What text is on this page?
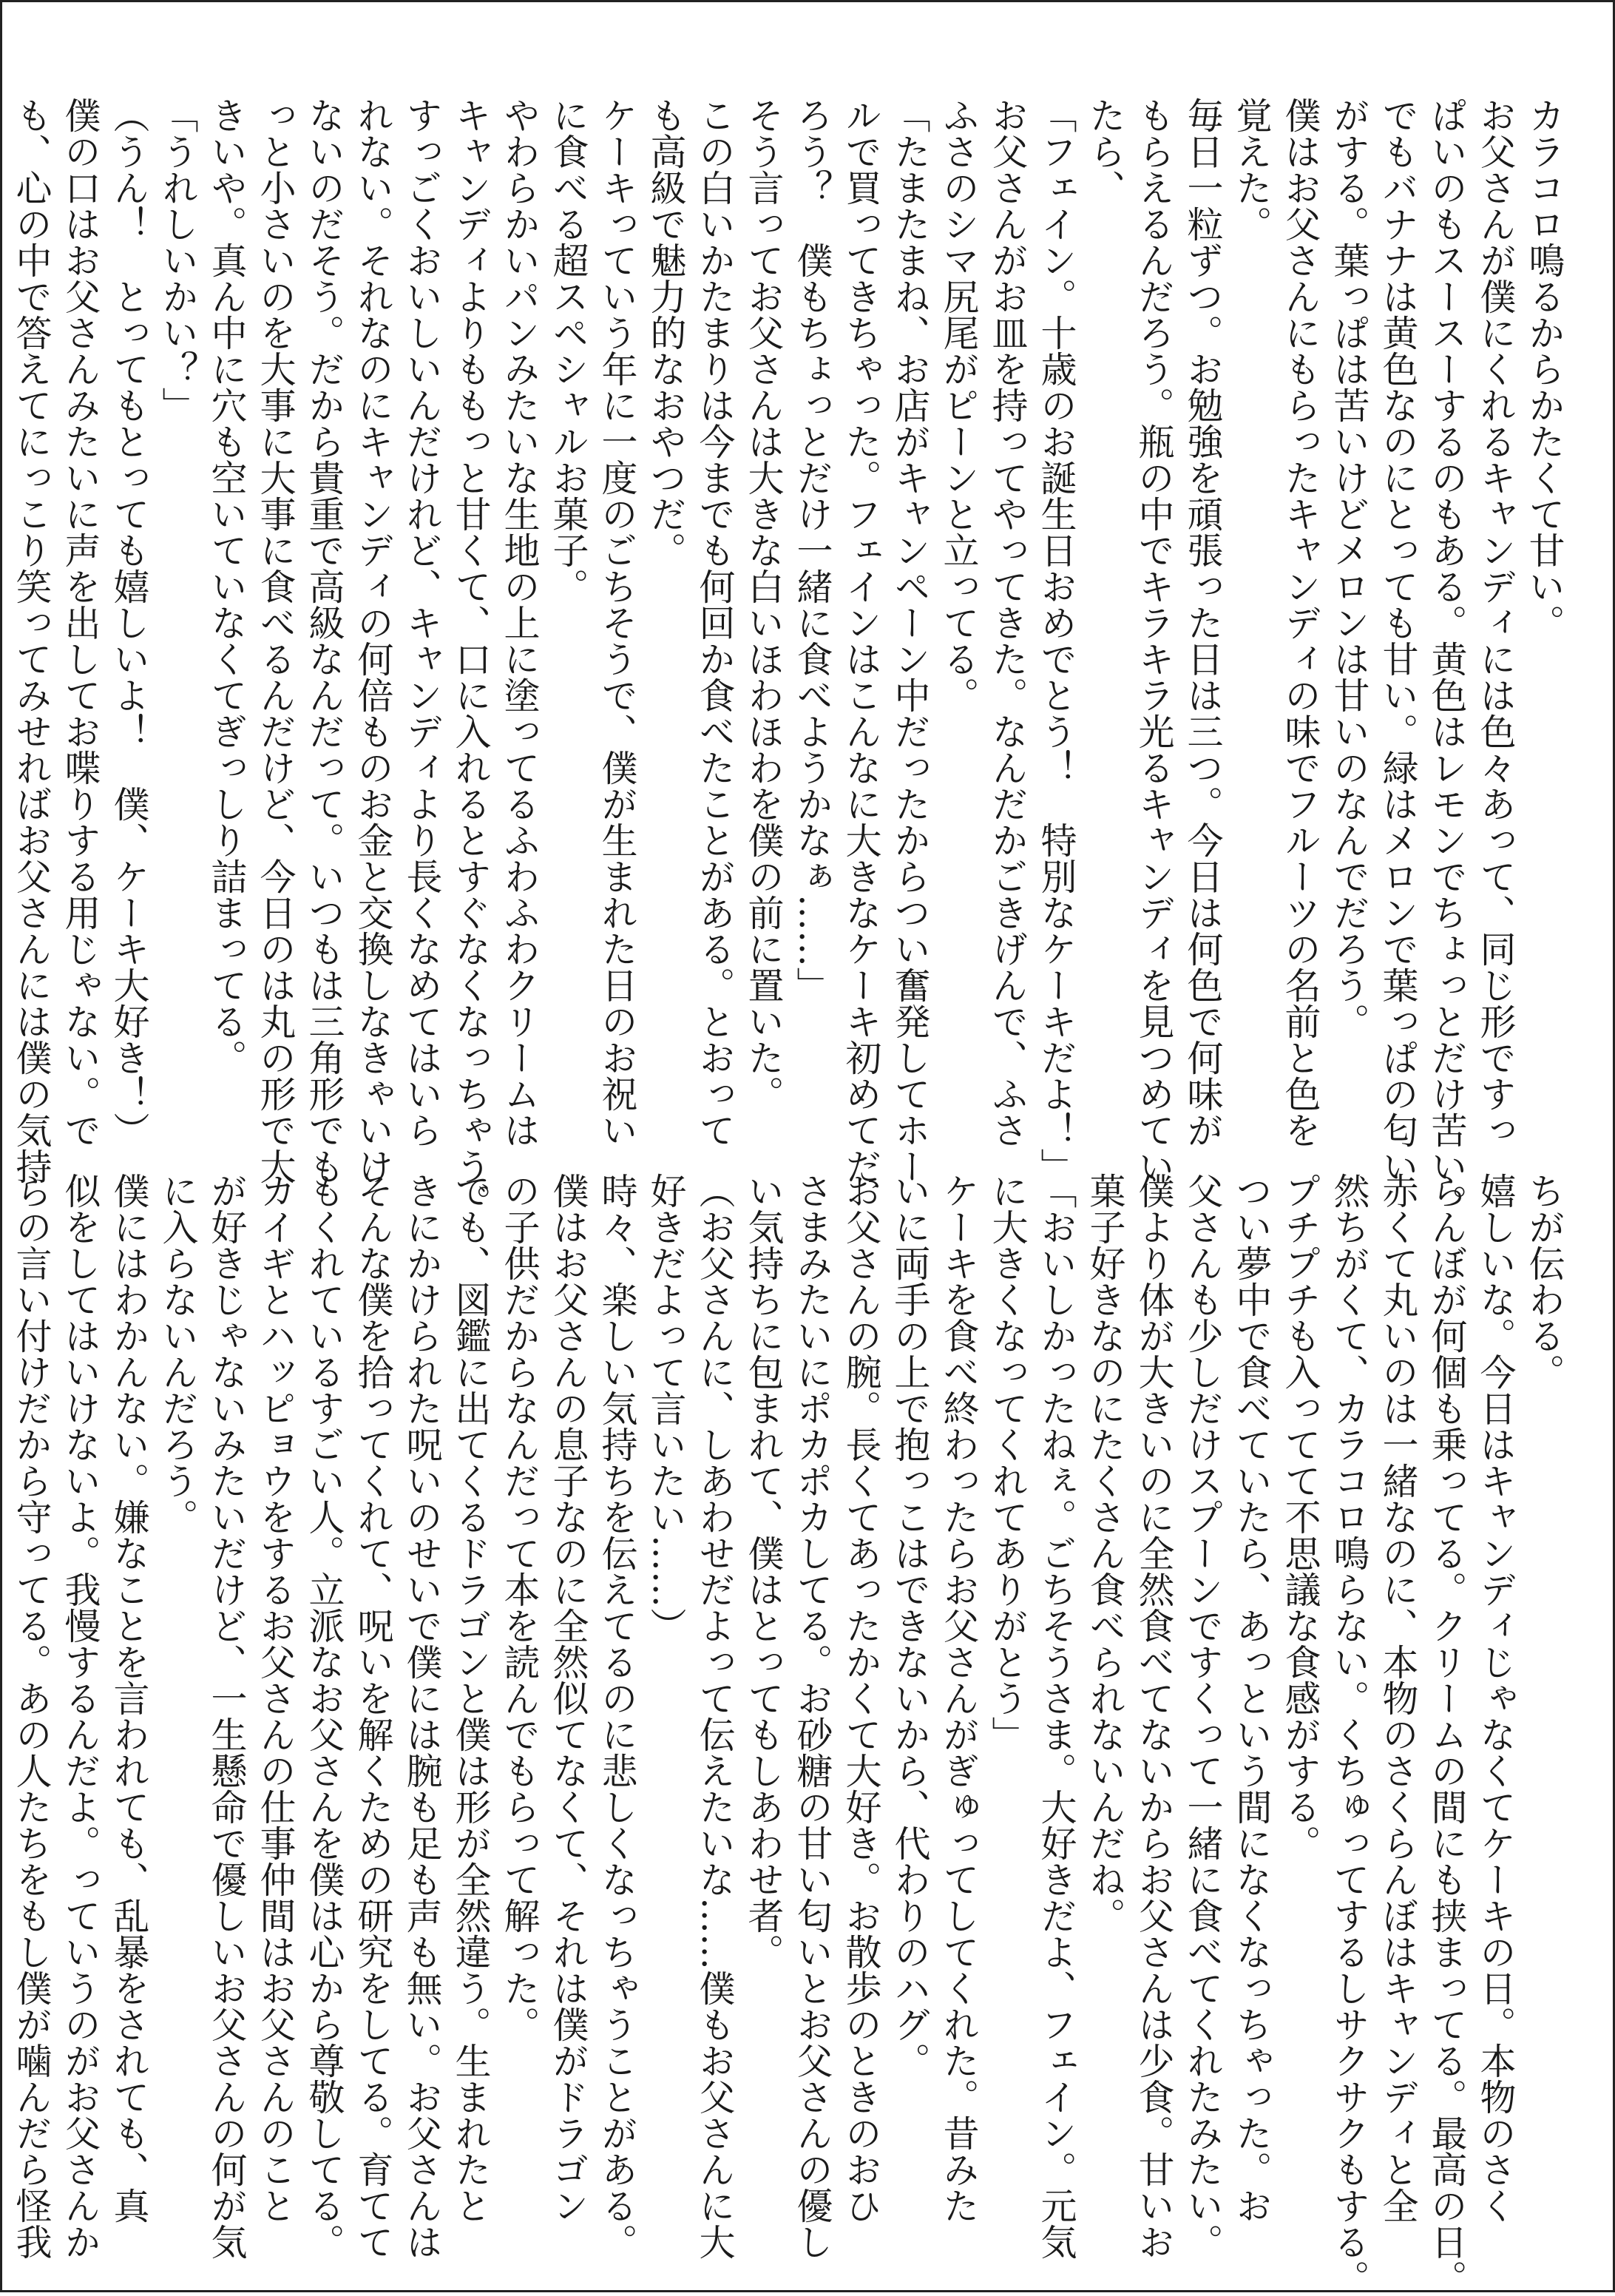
カラコロ鳴るからかたくて甘い。

お父さんが僕にくれるキャンディには色々あって、同じ形ですっ

ぱいのもスースーするのもある。黄色はレモンでちょっとだけ苦い。

でもバナナは黄色なのにとっても甘い。緑はメロンで葉っぱの匂い

がする。葉っぱは苦いけどメロンは甘いのなんでだろう。

僕はお父さんにもらったキャンディの味でフルーツの名前と色を

覚えた。

毎日一粒ずつ。お勉強を頑張った日は三つ。今日は何色で何味が

もらえるんだろう。瓶の中でキラキラ光るキャンディを見つめてい

たら、

「フェイン。十歳のお誕生日おめでとう！　特別なケーキだよ！」

お父さんがお皿を持ってやってきた。なんだかごきげんで、ふさ

ふさのシマ尻尾がピーンと立ってる。

「たまたまね、お店がキャンペーン中だったからつい奮発してホー

ルで買ってきちゃった。フェインはこんなに大きなケーキ初めてだ

ろう？　僕もちょっとだけ一緒に食べようかなぁ……」

そう言ってお父さんは大きな白いほわほわを僕の前に置いた。

この白いかたまりは今までも何回か食べたことがある。とおって

も高級で魅力的なおやつだ。

ケーキっていう年に一度のごちそうで、僕が生まれた日のお祝い

に食べる超スペシャルお菓子。

やわらかいパンみたいな生地の上に塗ってるふわふわクリームは

キャンディよりももっと甘くて、口に入れるとすぐなくなっちゃう。

すっごくおいしいんだけれど、キャンディより長くなめてはいら

れない。それなのにキャンディの何倍ものお金と交換しなきゃいけ

ないのだそう。だから貴重で高級なんだって。いつもは三角形でも

っと小さいのを大事に大事に食べるんだけど、今日のは丸の形で大

きいや。真ん中に穴も空いていなくてぎっしり詰まってる。

「うれしいかい？」

（うん！　とってもとっても嬉しいよ！　僕、ケーキ大好き！）

僕の口はお父さんみたいに声を出してお喋りする用じゃない。で

も、心の中で答えてにっこり笑ってみせればお父さんには僕の気持

ちが伝わる。

嬉しいな。今日はキャンディじゃなくてケーキの日。本物のさく

らんぼが何個も乗ってる。クリームの間にも挟まってる。最高の日。

赤くて丸いのは一緒なのに、本物のさくらんぼはキャンディと全

然ちがくて、カラコロ鳴らない。くちゅってするしサクサクもする。

プチプチも入ってて不思議な食感がする。

つい夢中で食べていたら、あっという間になくなっちゃった。お

父さんも少しだけスプーンですくって一緒に食べてくれたみたい。

僕より体が大きいのに全然食べてないからお父さんは少食。甘いお

菓子好きなのにたくさん食べられないんだね。

「おいしかったねぇ。ごちそうさま。大好きだよ、フェイン。元気

に大きくなってくれてありがとう」

ケーキを食べ終わったらお父さんがぎゅってしてくれた。昔みた

いに両手の上で抱っこはできないから、代わりのハグ。

お父さんの腕。長くてあったかくて大好き。お散歩のときのおひ

さまみたいにポカポカしてる。お砂糖の甘い匂いとお父さんの優し

い気持ちに包まれて、僕はとってもしあわせ者。

（お父さんに、しあわせだよって伝えたいな……僕もお父さんに大

好きだよって言いたい……）

時々、楽しい気持ちを伝えてるのに悲しくなっちゃうことがある。

僕はお父さんの息子なのに全然似てなくて、それは僕がドラゴン

の子供だからなんだって本を読んでもらって解った。

でも、図鑑に出てくるドラゴンと僕は形が全然違う。生まれたと

きにかけられた呪いのせいで僕には腕も足も声も無い。お父さんは

そんな僕を拾ってくれて、呪いを解くための研究をしてる。育てて

もくれているすごい人。立派なお父さんを僕は心から尊敬してる。

カイギとハッピョウをするお父さんの仕事仲間はお父さんのこと

が好きじゃないみたいだけど、一生懸命で優しいお父さんの何が気

に入らないんだろう。

僕にはわかんない。嫌なことを言われても、乱暴をされても、真

似をしてはいけないよ。我慢するんだよ。っていうのがお父さんか

らの言い付けだから守ってる。あの人たちをもし僕が噛んだら怪我
